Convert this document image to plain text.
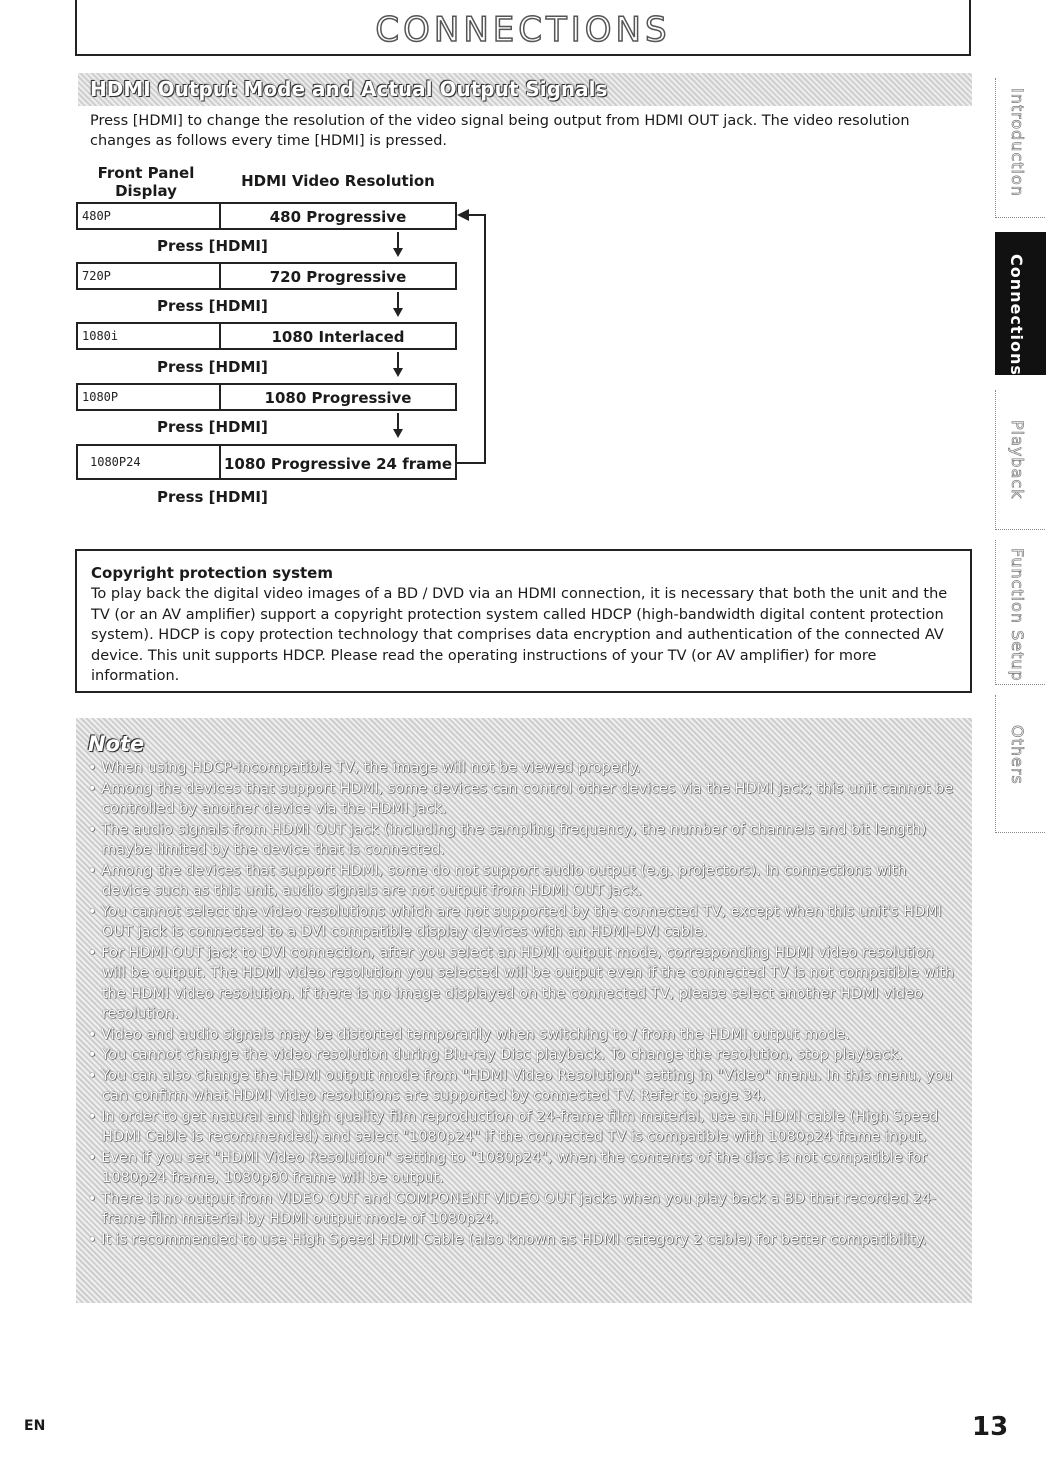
CONNECTIONS
HDMI Output Mode and Actual Output Signals

Press [HDMI] to change the resolution of the video signal being output from HDMI OUT jack. The video resolution changes as follows every time [HDMI] is pressed.

Front Panel Display
HDMI Video Resolution
480P	480 Progressive
Press [HDMI]
720P	720 Progressive
Press [HDMI]
1080i	1080 Interlaced
Press [HDMI]
1080P	1080 Progressive
Press [HDMI]
1080P24	1080 Progressive 24 frame
Press [HDMI]
Copyright protection system

To play back the digital video images of a BD / DVD via an HDMI connection, it is necessary that both the unit and the TV (or an AV amplifier) support a copyright protection system called HDCP (high-bandwidth digital content protection system). HDCP is copy protection technology that comprises data encryption and authentication of the connected AV device. This unit supports HDCP. Please read the operating instructions of your TV (or AV amplifier) for more information.

Note
• When using HDCP-incompatible TV, the image will not be viewed properly.
• Among the devices that support HDMI, some devices can control other devices via the HDMI jack; this unit cannot be controlled by another device via the HDMI jack.
• The audio signals from HDMI OUT jack (including the sampling frequency, the number of channels and bit length) maybe limited by the device that is connected.
• Among the devices that support HDMI, some do not support audio output (e.g. projectors). In connections with device such as this unit, audio signals are not output from HDMI OUT jack.
• You cannot select the video resolutions which are not supported by the connected TV, except when this unit's HDMI OUT jack is connected to a DVI compatible display devices with an HDMI-DVI cable.
• For HDMI OUT jack to DVI connection, after you select an HDMI output mode, corresponding HDMI video resolution will be output. The HDMI video resolution you selected will be output even if the connected TV is not compatible with the HDMI video resolution. If there is no image displayed on the connected TV, please select another HDMI video resolution.
• Video and audio signals may be distorted temporarily when switching to / from the HDMI output mode.
• You cannot change the video resolution during Blu-ray Disc playback. To change the resolution, stop playback.
• You can also change the HDMI output mode from "HDMI Video Resolution" setting in "Video" menu. In this menu, you can confirm what HDMI video resolutions are supported by connected TV. Refer to page 34.
• In order to get natural and high quality film reproduction of 24-frame film material, use an HDMI cable (High Speed HDMI Cable is recommended) and select "1080p24" if the connected TV is compatible with 1080p24 frame input.
• Even if you set "HDMI Video Resolution" setting to "1080p24", when the contents of the disc is not compatible for 1080p24 frame, 1080p60 frame will be output.
• There is no output from VIDEO OUT and COMPONENT VIDEO OUT jacks when you play back a BD that recorded 24-frame film material by HDMI output mode of 1080p24.
• It is recommended to use High Speed HDMI Cable (also known as HDMI category 2 cable) for better compatibility.
Introduction
Connections
Playback
Function Setup
Others
EN	13
